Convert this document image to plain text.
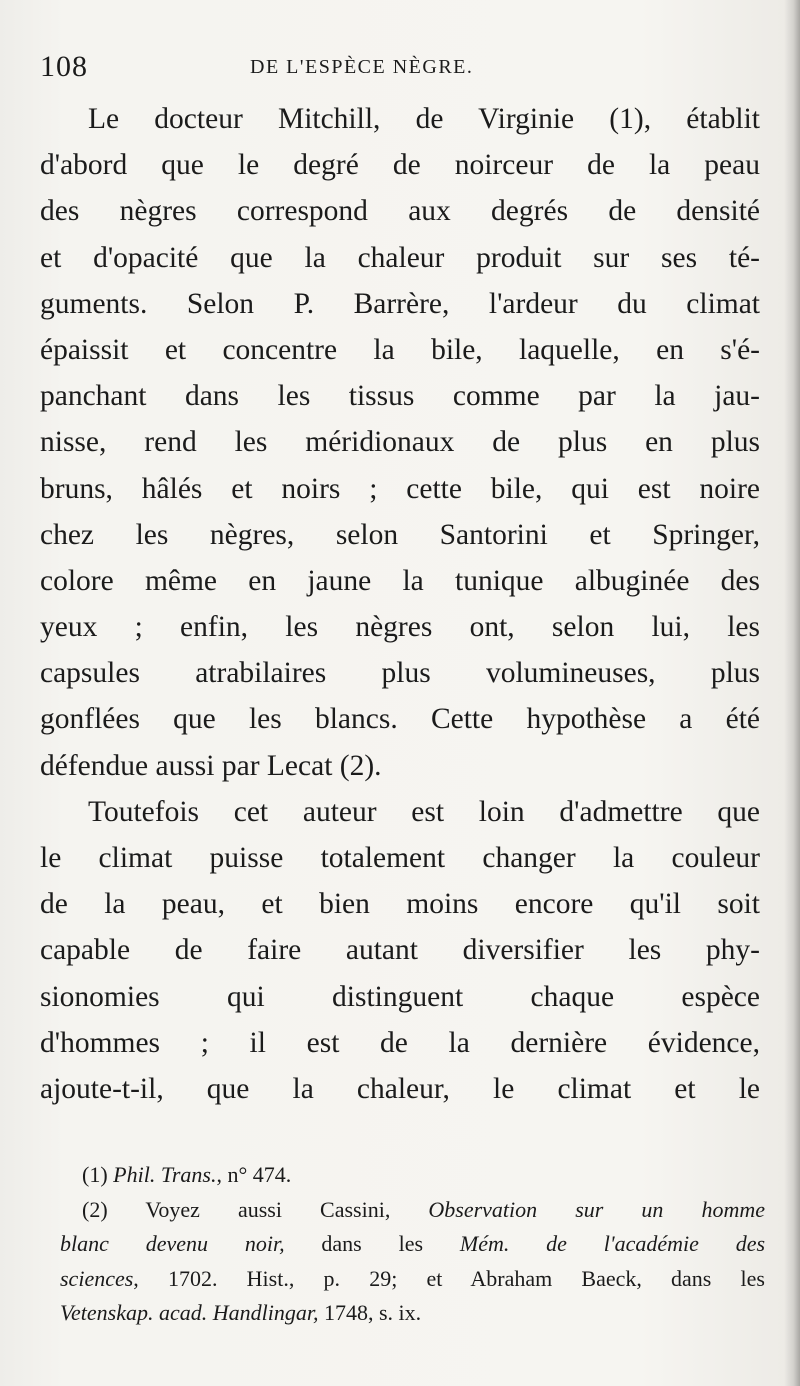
108	DE L'ESPÈCE NÈGRE.
Le docteur Mitchill, de Virginie (1), établit
d'abord que le degré de noirceur de la peau
des nègres correspond aux degrés de densité
et d'opacité que la chaleur produit sur ses té-
guments. Selon P. Barrère, l'ardeur du climat
épaissit et concentre la bile, laquelle, en s'é-
panchant dans les tissus comme par la jau-
nisse, rend les méridionaux de plus en plus
bruns, hâlés et noirs ; cette bile, qui est noire
chez les nègres, selon Santorini et Springer,
colore même en jaune la tunique albuginée des
yeux ; enfin, les nègres ont, selon lui, les
capsules atrabilaires plus volumineuses, plus
gonflées que les blancs. Cette hypothèse a été
défendue aussi par Lecat (2).
Toutefois cet auteur est loin d'admettre que
le climat puisse totalement changer la couleur
de la peau, et bien moins encore qu'il soit
capable de faire autant diversifier les phy-
sionomies qui distinguent chaque espèce
d'hommes ; il est de la dernière évidence,
ajoute-t-il, que la chaleur, le climat et le
(1) Phil. Trans., n° 474.
(2) Voyez aussi Cassini, Observation sur un homme
blanc devenu noir, dans les Mém. de l'académie des
sciences, 1702. Hist., p. 29; et Abraham Baeck, dans les
Vetenskap. acad. Handlingar, 1748, s. ix.
